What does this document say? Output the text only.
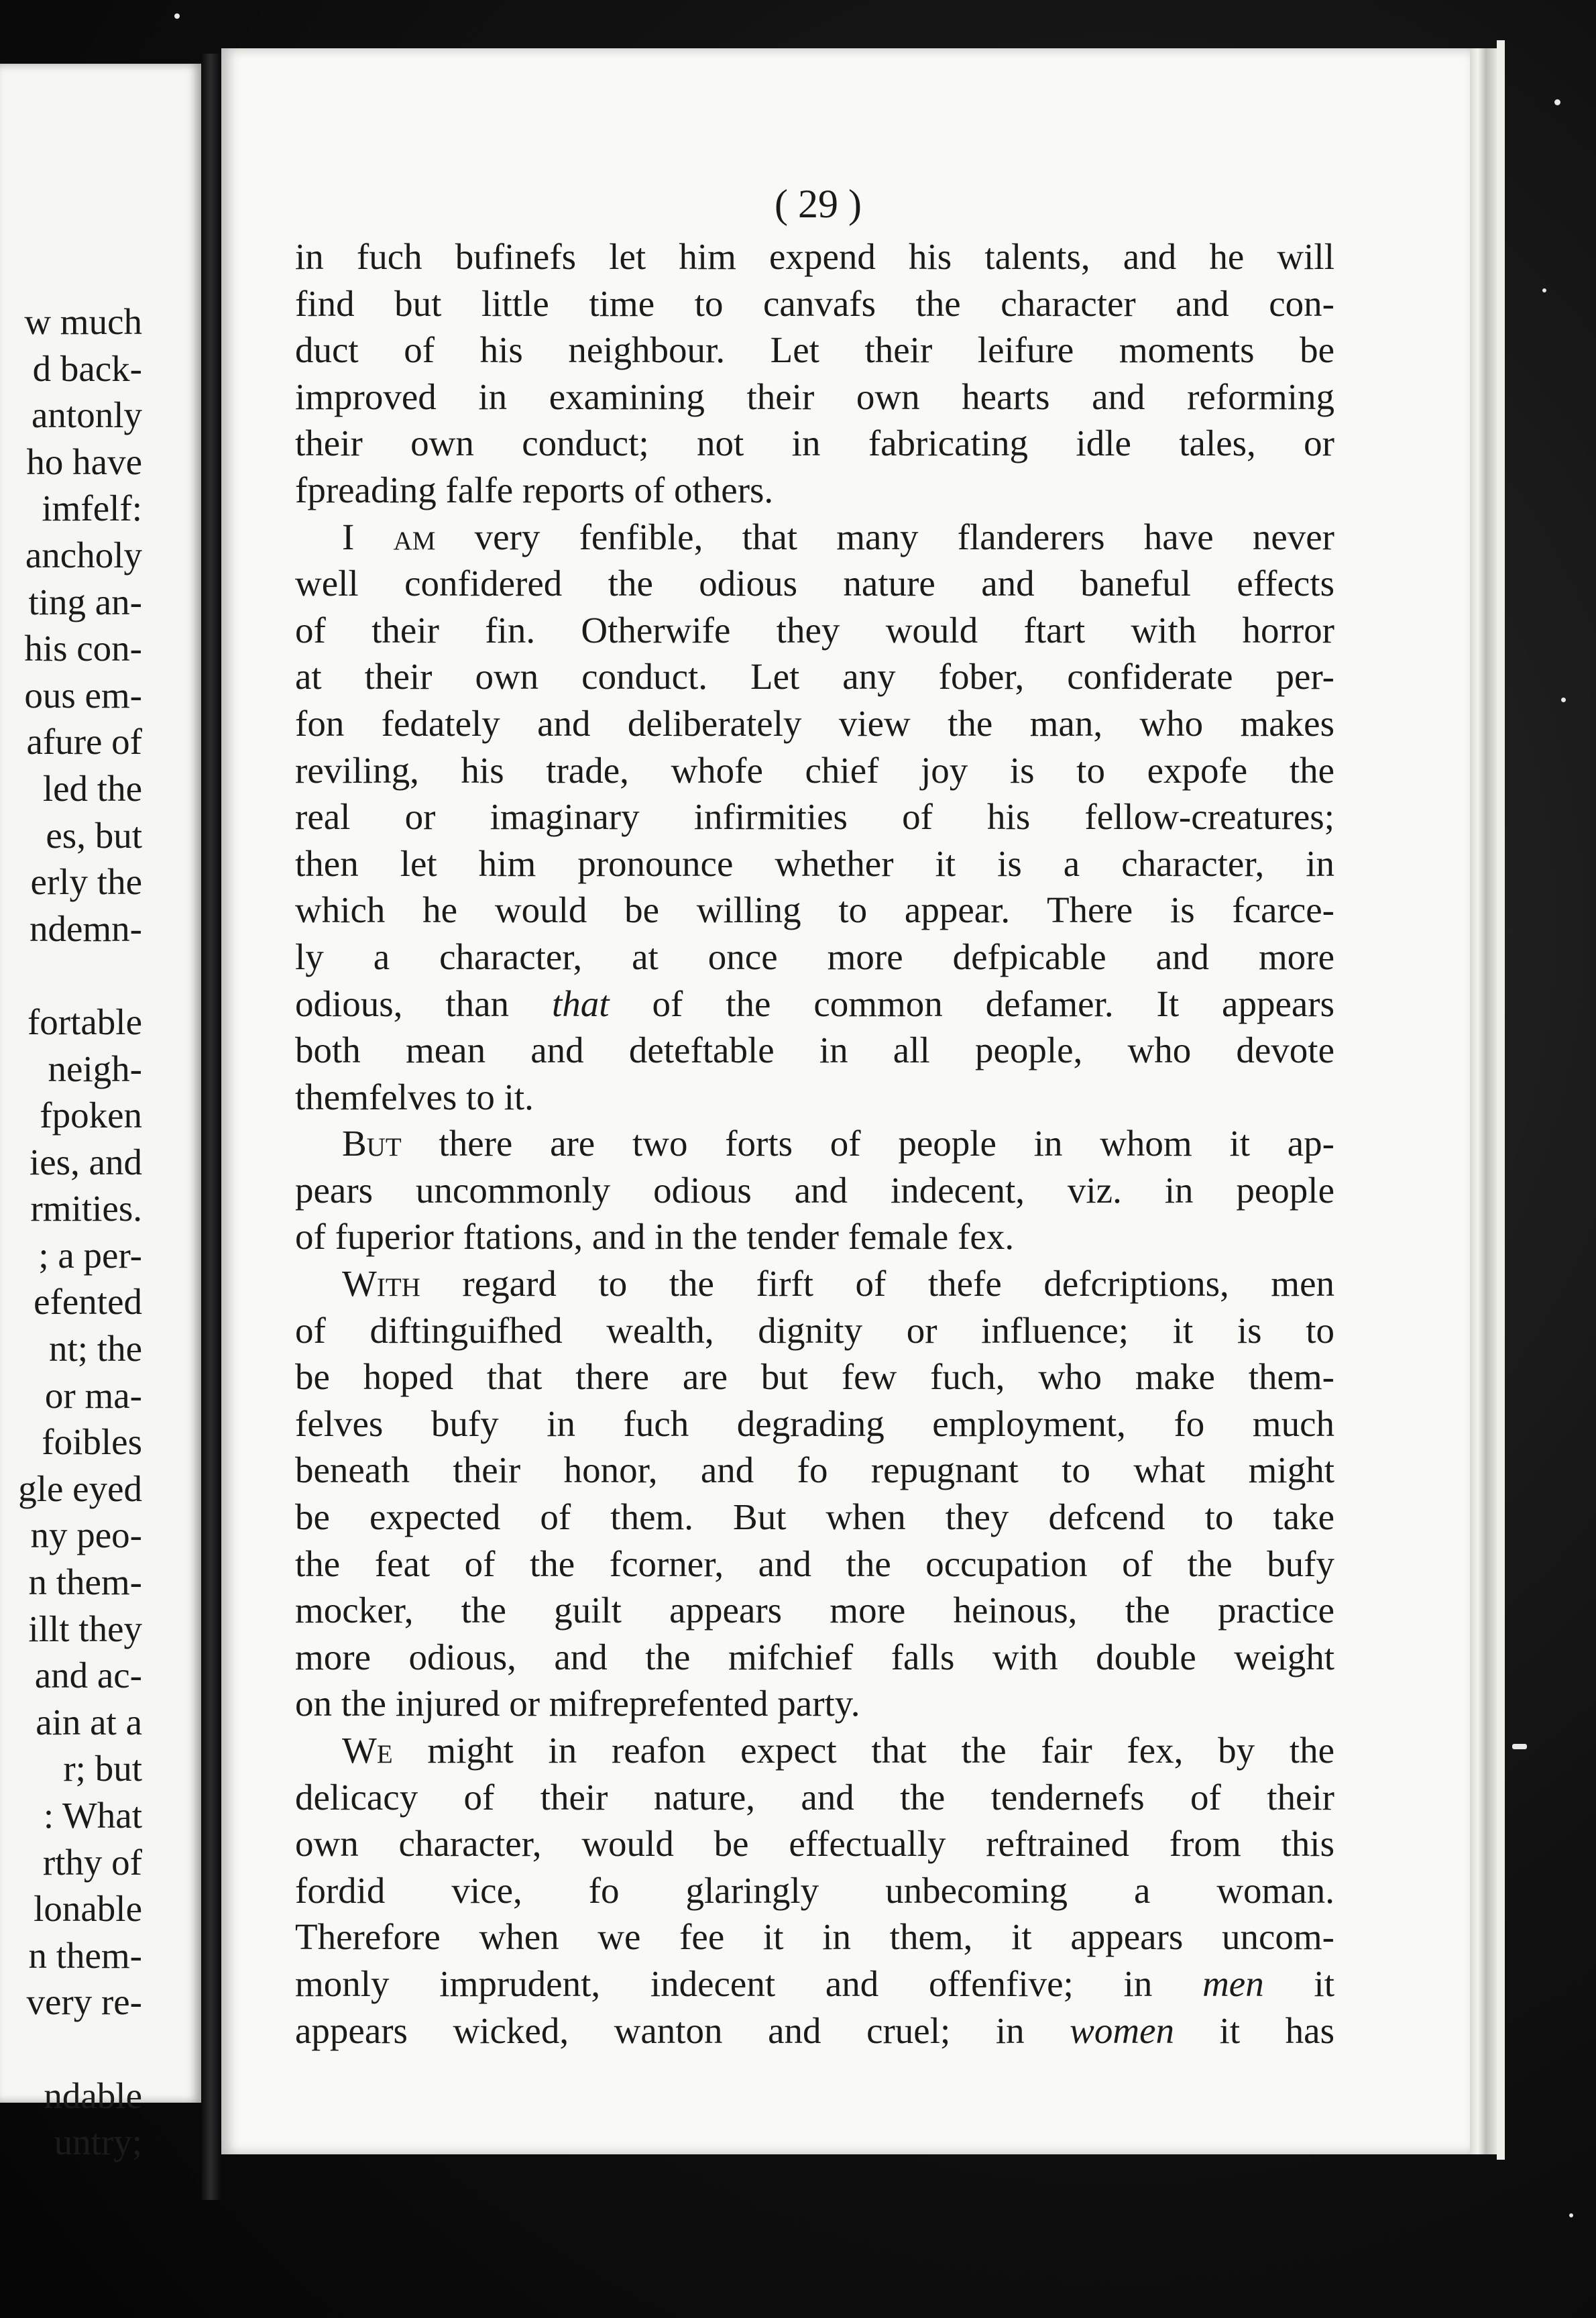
w much
d back-
antonly
ho have
imfelf:
ancholy
ting an-
his con-
ous em-
afure of
led the
es, but
erly the
ndemn-
fortable
neigh-
fpoken
ies, and
rmities.
; a per-
efented
nt; the
or ma-
foibles
gle eyed
ny peo-
n them-
illt they
and ac-
ain at a
r; but
: What
rthy of
lonable
n them-
very re-
ndable
untry;
( 29 )
in fuch bufinefs let him expend his talents, and he will
find but little time to canvafs the character and con-
duct of his neighbour. Let their leifure moments be
improved in examining their own hearts and reforming
their own conduct; not in fabricating idle tales, or
fpreading falfe reports of others.
I am very fenfible, that many flanderers have never
well confidered the odious nature and baneful effects
of their fin. Otherwife they would ftart with horror
at their own conduct. Let any fober, confiderate per-
fon fedately and deliberately view the man, who makes
reviling, his trade, whofe chief joy is to expofe the
real or imaginary infirmities of his fellow-creatures;
then let him pronounce whether it is a character, in
which he would be willing to appear. There is fcarce-
ly a character, at once more defpicable and more
odious, than that of the common defamer. It appears
both mean and deteftable in all people, who devote
themfelves to it.
But there are two forts of people in whom it ap-
pears uncommonly odious and indecent, viz. in people
of fuperior ftations, and in the tender female fex.
With regard to the firft of thefe defcriptions, men
of diftinguifhed wealth, dignity or influence; it is to
be hoped that there are but few fuch, who make them-
felves bufy in fuch degrading employment, fo much
beneath their honor, and fo repugnant to what might
be expected of them. But when they defcend to take
the feat of the fcorner, and the occupation of the bufy
mocker, the guilt appears more heinous, the practice
more odious, and the mifchief falls with double weight
on the injured or mifreprefented party.
We might in reafon expect that the fair fex, by the
delicacy of their nature, and the tendernefs of their
own character, would be effectually reftrained from this
fordid vice, fo glaringly unbecoming a woman.
Therefore when we fee it in them, it appears uncom-
monly imprudent, indecent and offenfive; in men it
appears wicked, wanton and cruel; in women it has
